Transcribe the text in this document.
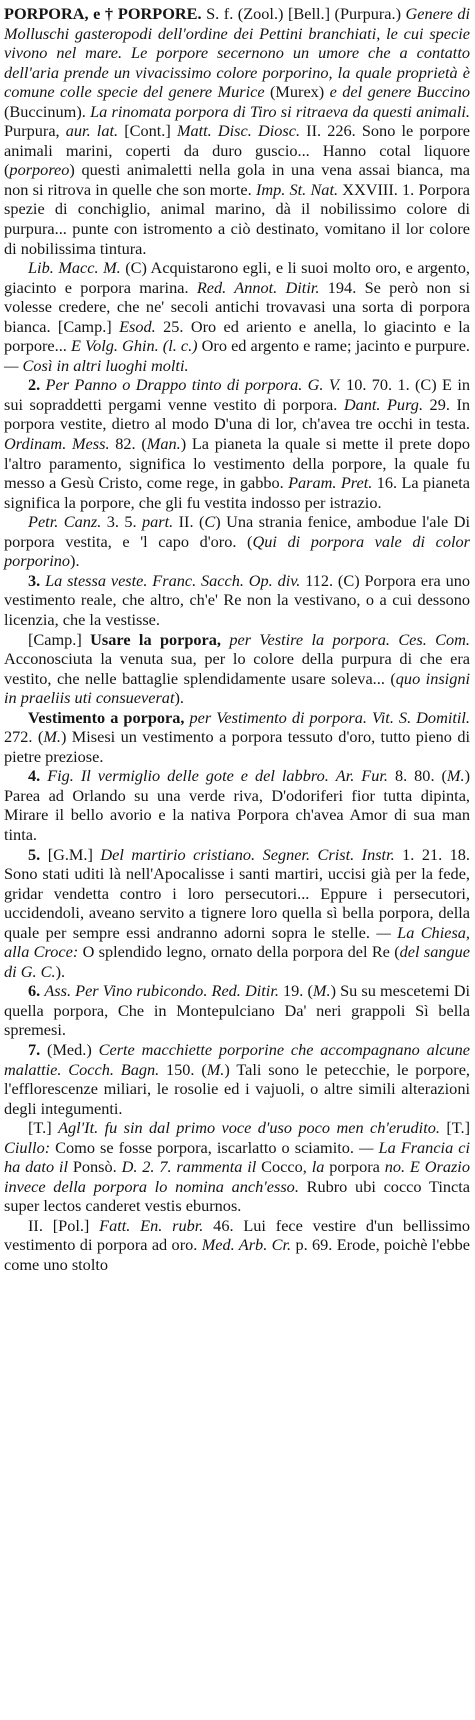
PORPORA, e † PORPORE. S. f. (Zool.) [Bell.] (Purpura.) Genere di Molluschi gasteropodi dell'ordine dei Pettini branchiati, le cui specie vivono nel mare. Le porpore secernono un umore che a contatto dell'aria prende un vivacissimo colore porporino, la quale proprietà è comune colle specie del genere Murice (Murex) e del genere Buccino (Buccinum). La rinomata porpora di Tiro si ritraeva da questi animali. Purpura, aur. lat. [Cont.] Matt. Disc. Diosc. II. 226. Sono le porpore animali marini, coperti da duro guscio... Hanno cotal liquore (porporeo) questi animaletti nella gola in una vena assai bianca, ma non si ritrova in quelle che son morte. Imp. St. Nat. XXVIII. 1. Porpora spezie di conchiglio, animal marino, dà il nobilissimo colore di purpura... punte con istromento a ciò destinato, vomitano il lor colore di nobilissima tintura.

Lib. Macc. M. (C) Acquistarono egli, e li suoi molto oro, e argento, giacinto e porpora marina. Red. Annot. Ditir. 194. Se però non si volesse credere, che ne' secoli antichi trovavasi una sorta di porpora bianca. [Camp.] Esod. 25. Oro ed ariento e anella, lo giacinto e la porpore... E Volg. Ghin. (l. c.) Oro ed argento e rame; jacinto e purpure. — Così in altri luoghi molti.

2. Per Panno o Drappo tinto di porpora. G. V. 10. 70. 1. (C) E in sui sopraddetti pergami venne vestito di porpora. Dant. Purg. 29. In porpora vestite, dietro al modo D'una di lor, ch'avea tre occhi in testa. Ordinam. Mess. 82. (Man.) La pianeta la quale si mette il prete dopo l'altro paramento, significa lo vestimento della porpore, la quale fu messo a Gesù Cristo, come rege, in gabbo. Param. Pret. 16. La pianeta significa la porpore, che gli fu vestita indosso per istrazio.

Petr. Canz. 3. 5. part. II. (C) Una strania fenice, ambodue l'ale Di porpora vestita, e 'l capo d'oro. (Qui di porpora vale di color porporino).

3. La stessa veste. Franc. Sacch. Op. div. 112. (C) Porpora era uno vestimento reale, che altro, ch'e' Re non la vestivano, o a cui dessono licenzia, che la vestisse.

[Camp.] Usare la porpora, per Vestire la porpora. Ces. Com. Acconosciuta la venuta sua, per lo colore della purpura di che era vestito, che nelle battaglie splendidamente usare soleva... (quo insigni in praeliis uti consueverat).

Vestimento a porpora, per Vestimento di porpora. Vit. S. Domitil. 272. (M.) Misesi un vestimento a porpora tessuto d'oro, tutto pieno di pietre preziose.

4. Fig. Il vermiglio delle gote e del labbro. Ar. Fur. 8. 80. (M.) Parea ad Orlando su una verde riva, D'odoriferi fior tutta dipinta, Mirare il bello avorio e la nativa Porpora ch'avea Amor di sua man tinta.

5. [G.M.] Del martirio cristiano. Segner. Crist. Instr. 1. 21. 18. Sono stati uditi là nell'Apocalisse i santi martiri, uccisi già per la fede, gridar vendetta contro i loro persecutori... Eppure i persecutori, uccidendoli, aveano servito a tignere loro quella sì bella porpora, della quale per sempre essi andranno adorni sopra le stelle. — La Chiesa, alla Croce: O splendido legno, ornato della porpora del Re (del sangue di G. C.).

6. Ass. Per Vino rubicondo. Red. Ditir. 19. (M.) Su su mescetemi Di quella porpora, Che in Montepulciano Da' neri grappoli Sì bella spremesi.

7. (Med.) Certe macchiette porporine che accompagnano alcune malattie. Cocch. Bagn. 150. (M.) Tali sono le petecchie, le porpore, l'efflorescenze miliari, le rosolie ed i vajuoli, o altre simili alterazioni degli integumenti.

[T.] Agl'It. fu sin dal primo voce d'uso poco men ch'erudito. [T.] Ciullo: Como se fosse porpora, iscarlatto o sciamito. — La Francia ci ha dato il Ponsò. D. 2. 7. rammenta il Cocco, la porpora no. E Orazio invece della porpora lo nomina anch'esso. Rubro ubi cocco Tincta super lectos canderet vestis eburnos.

II. [Pol.] Fatt. En. rubr. 46. Lui fece vestire d'un bellissimo vestimento di porpora ad oro. Med. Arb. Cr. p. 69. Erode, poichè l'ebbe come uno stolto
